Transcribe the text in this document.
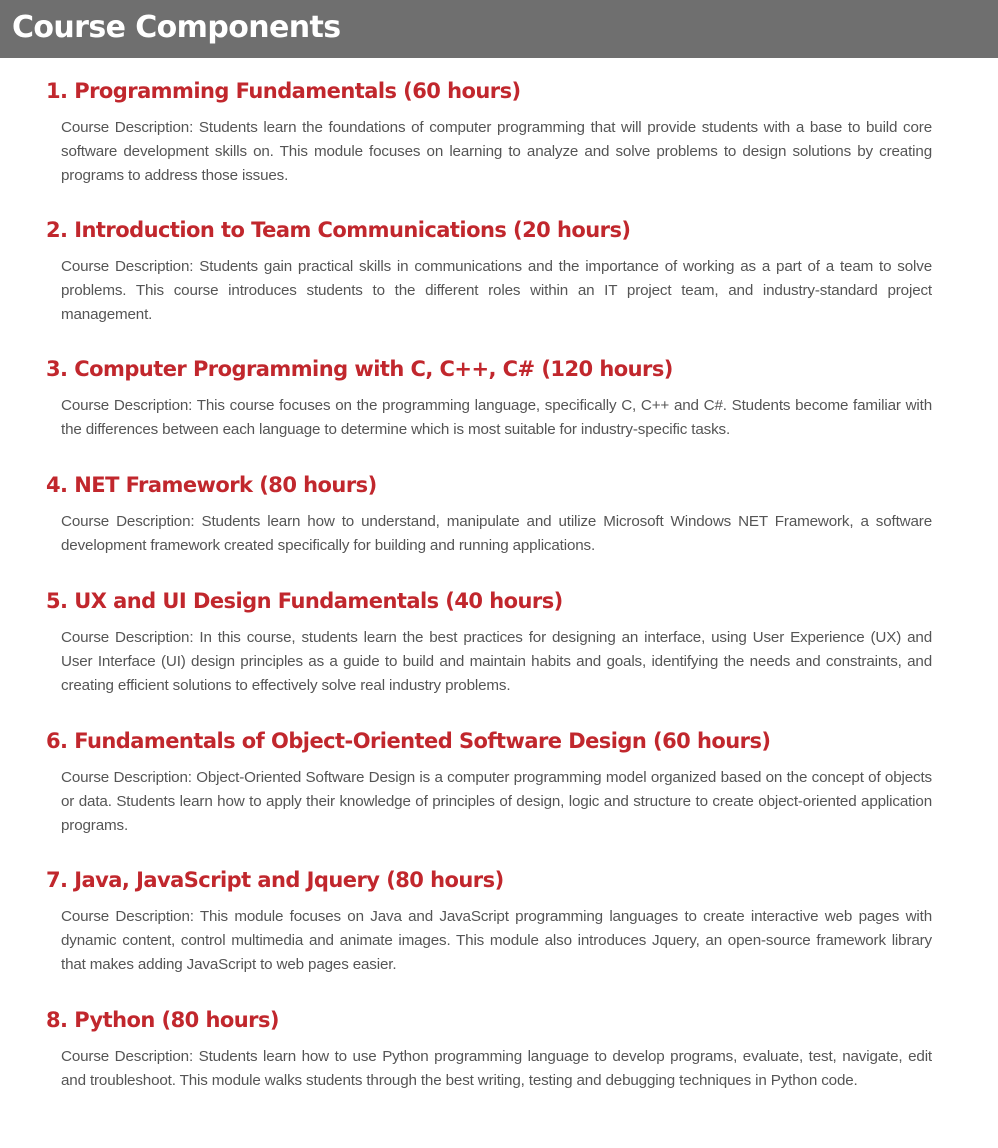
Course Components
1. Programming Fundamentals (60 hours)

Course Description: Students learn the foundations of computer programming that will provide students with a base to build core software development skills on. This module focuses on learning to analyze and solve problems to design solutions by creating programs to address those issues.

2. Introduction to Team Communications (20 hours)

Course Description: Students gain practical skills in communications and the importance of working as a part of a team to solve problems. This course introduces students to the different roles within an IT project team, and industry-standard project management.

3. Computer Programming with C, C++, C# (120 hours)

Course Description: This course focuses on the programming language, specifically C, C++ and C#. Students become familiar with the differences between each language to determine which is most suitable for industry-specific tasks.

4. NET Framework (80 hours)

Course Description: Students learn how to understand, manipulate and utilize Microsoft Windows NET Framework, a software development framework created specifically for building and running applications.

5. UX and UI Design Fundamentals (40 hours)

Course Description: In this course, students learn the best practices for designing an interface, using User Experience (UX) and User Interface (UI) design principles as a guide to build and maintain habits and goals, identifying the needs and constraints, and creating efficient solutions to effectively solve real industry problems.

6. Fundamentals of Object-Oriented Software Design (60 hours)

Course Description: Object-Oriented Software Design is a computer programming model organized based on the concept of objects or data. Students learn how to apply their knowledge of principles of design, logic and structure to create object-oriented application programs.

7. Java, JavaScript and Jquery (80 hours)

Course Description: This module focuses on Java and JavaScript programming languages to create interactive web pages with dynamic content, control multimedia and animate images. This module also introduces Jquery, an open-source framework library that makes adding JavaScript to web pages easier.

8. Python (80 hours)

Course Description: Students learn how to use Python programming language to develop programs, evaluate, test, navigate, edit and troubleshoot. This module walks students through the best writing, testing and debugging techniques in Python code.
